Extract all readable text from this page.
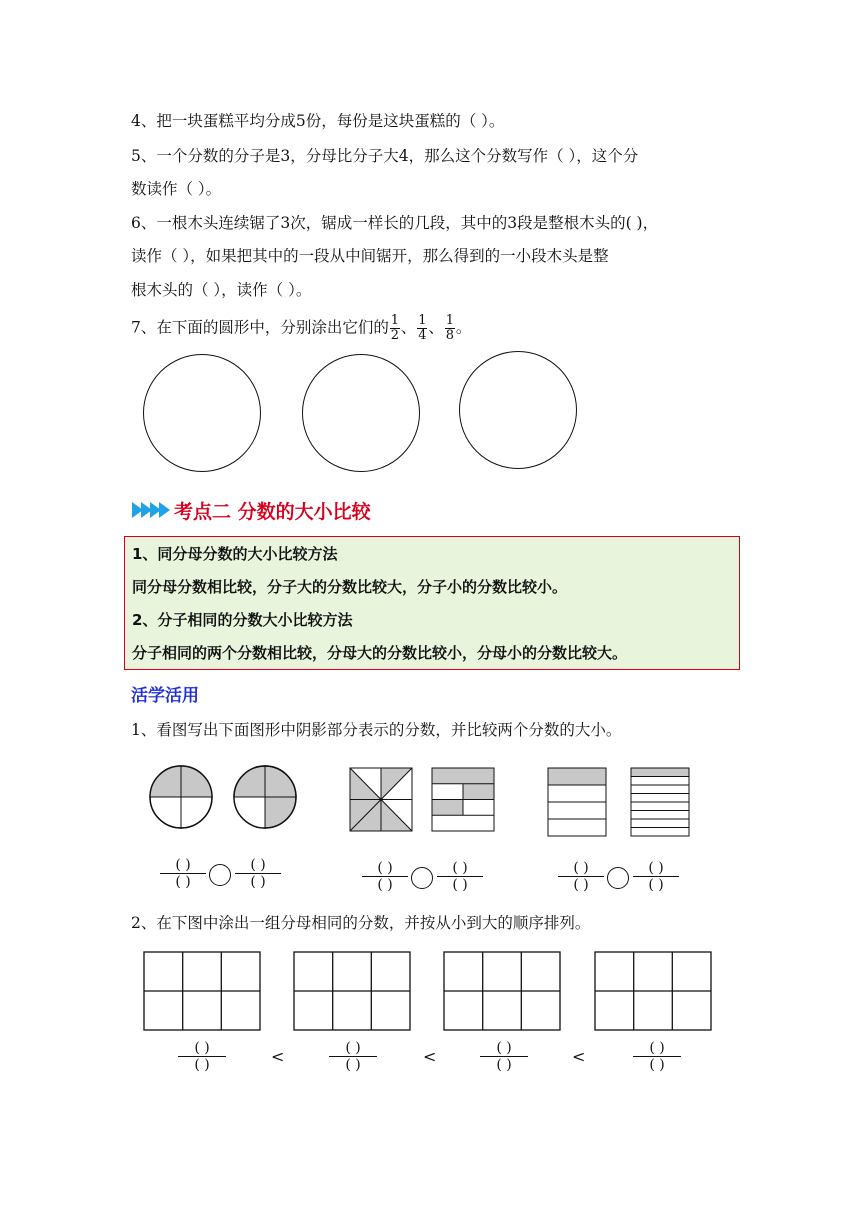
4、把一块蛋糕平均分成5份，每份是这块蛋糕的（ ）。
5、一个分数的分子是3，分母比分子大4，那么这个分数写作（ ），这个分
数读作（ ）。
6、一根木头连续锯了3次，锯成一样长的几段，其中的3段是整根木头的( )，
读作（ ），如果把其中的一段从中间锯开，那么得到的一小段木头是整
根木头的（ ），读作（ ）。
7、在下面的圆形中，分别涂出它们的 $\frac{1}{2}$ 、 $\frac{1}{4}$ 、 $\frac{1}{8}$ 。
考点二 分数的大小比较
1、同分母分数的大小比较方法
同分母分数相比较，分子大的分数比较大，分子小的分数比较小。
2、分子相同的分数大小比较方法
分子相同的两个分数相比较，分母大的分数比较小，分母小的分数比较大。
活学活用
1、看图写出下面图形中阴影部分表示的分数，并比较两个分数的大小。
( )
( )
( )
( )
( )
( )
( )
( )
( )
( )
( )
( )
2、在下图中涂出一组分母相同的分数，并按从小到大的顺序排列。
( )
( )	<	( )
( )	<	( )
( )	<	( )
( )
